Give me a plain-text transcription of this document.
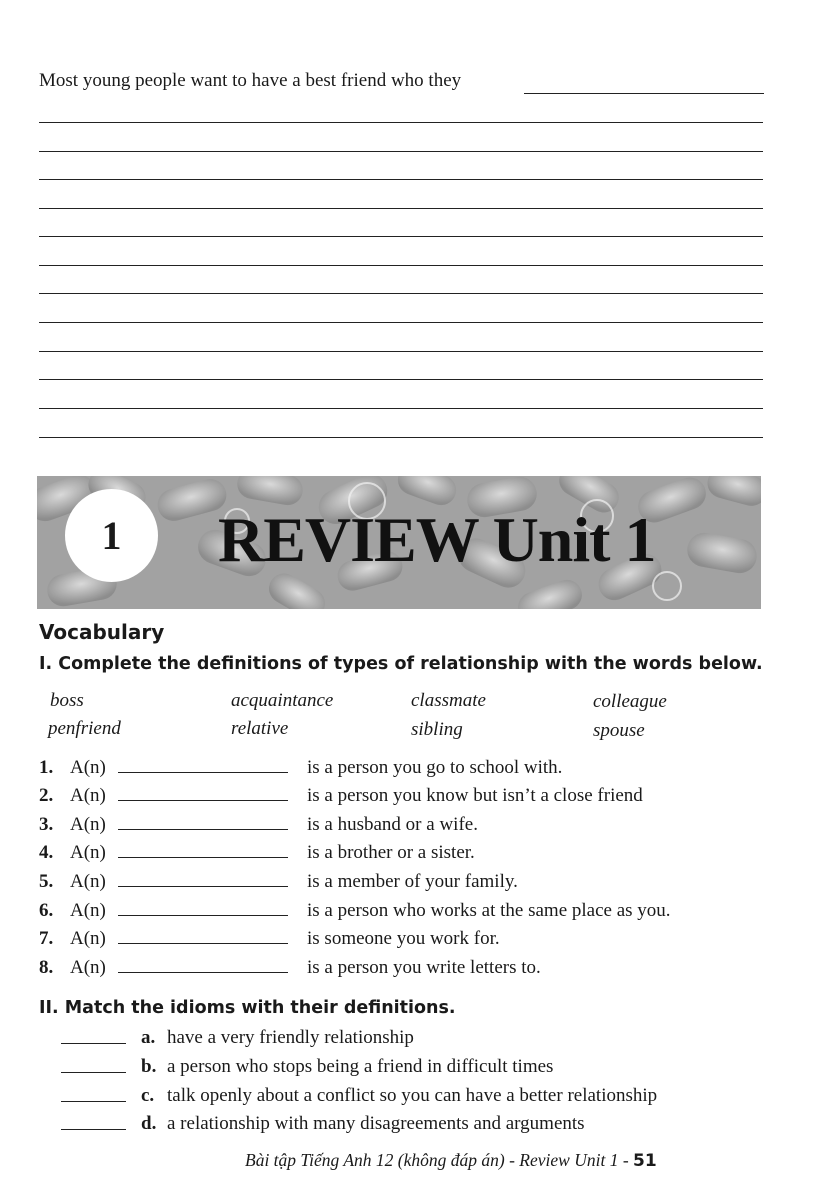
Most young people want to have a best friend who they
1 REVIEW Unit 1
Vocabulary
I. Complete the definitions of types of relationship with the words below.
boss	acquaintance	classmate	colleague
penfriend	relative	sibling	spouse
1. A(n)	is a person you go to school with.
2. A(n)	is a person you know but isn’t a close friend
3. A(n)	is a husband or a wife.
4. A(n)	is a brother or a sister.
5. A(n)	is a member of your family.
6. A(n)	is a person who works at the same place as you.
7. A(n)	is someone you work for.
8. A(n)	is a person you write letters to.
II. Match the idioms with their definitions.
a. have a very friendly relationship
b. a person who stops being a friend in difficult times
c. talk openly about a conflict so you can have a better relationship
d. a relationship with many disagreements and arguments
Bài tập Tiếng Anh 12 (không đáp án) - Review Unit 1 - 51
